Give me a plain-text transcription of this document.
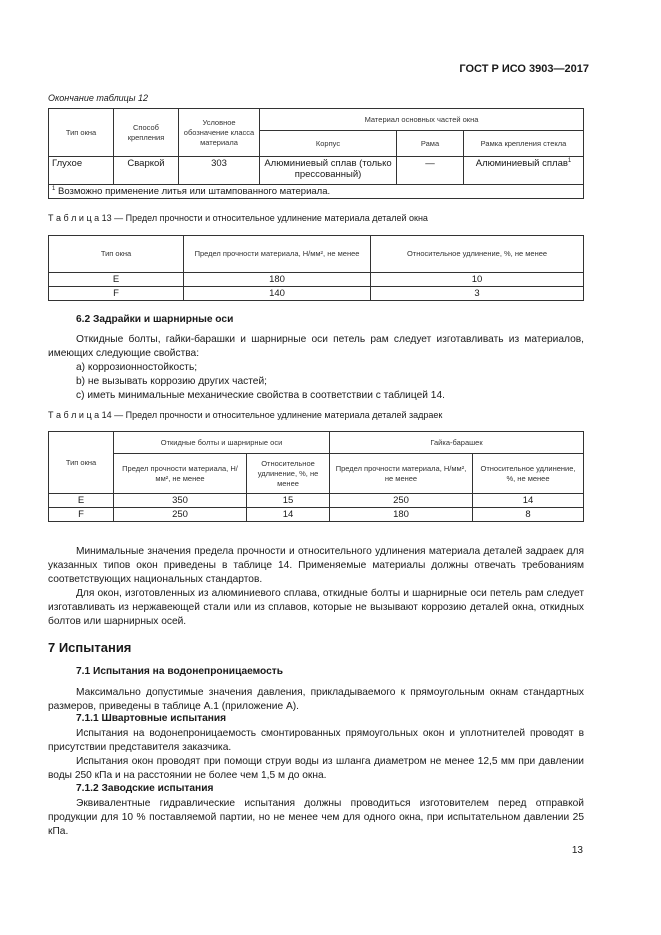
ГОСТ Р ИСО 3903—2017
Окончание таблицы 12
Тип окна	Способ крепления	Условное обозначение класса материала	Материал основных частей окна		
			Корпус	Рама	Рамка крепления стекла
Глухое	Сваркой	303	Алюминиевый сплав (только прессованный)	—	Алюминиевый сплав$^1$
$^1$ Возможно применение литья или штампованного материала.					
Т а б л и ц а 13 — Предел прочности и относительное удлинение материала деталей окна
Тип окна	Предел прочности материала, Н/мм², не менее	Относительное удлинение, %, не менее
E	180	10
F	140	3
6.2 Задрайки и шарнирные оси
Откидные болты, гайки-барашки и шарнирные оси петель рам следует изготавливать из материалов, имеющих следующие свойства:
a) коррозионностойкость;
b) не вызывать коррозию других частей;
c) иметь минимальные механические свойства в соответствии с таблицей 14.
Т а б л и ц а 14 — Предел прочности и относительное удлинение материала деталей задраек
Тип окна	Откидные болты и шарнирные оси		Гайка-барашек	
	Предел прочности материала, Н/мм², не менее	Относительное удлинение, %, не менее	Предел прочности материала, Н/мм², не менее	Относительное удлинение, %, не менее
E	350	15	250	14
F	250	14	180	8
Минимальные значения предела прочности и относительного удлинения материала деталей задраек для указанных типов окон приведены в таблице 14. Применяемые материалы должны отвечать требованиям соответствующих национальных стандартов.
Для окон, изготовленных из алюминиевого сплава, откидные болты и шарнирные оси петель рам следует изготавливать из нержавеющей стали или из сплавов, которые не вызывают коррозию деталей окна, откидных болтов или шарнирных осей.
7 Испытания
7.1 Испытания на водонепроницаемость
Максимально допустимые значения давления, прикладываемого к прямоугольным окнам стандартных размеров, приведены в таблице А.1 (приложение А).
7.1.1 Швартовные испытания
Испытания на водонепроницаемость смонтированных прямоугольных окон и уплотнителей проводят в присутствии представителя заказчика.
Испытания окон проводят при помощи струи воды из шланга диаметром не менее 12,5 мм при давлении воды 250 кПа и на расстоянии не более чем 1,5 м до окна.
7.1.2 Заводские испытания
Эквивалентные гидравлические испытания должны проводиться изготовителем перед отправкой продукции для 10 % поставляемой партии, но не менее чем для одного окна, при испытательном давлении 25 кПа.
13
